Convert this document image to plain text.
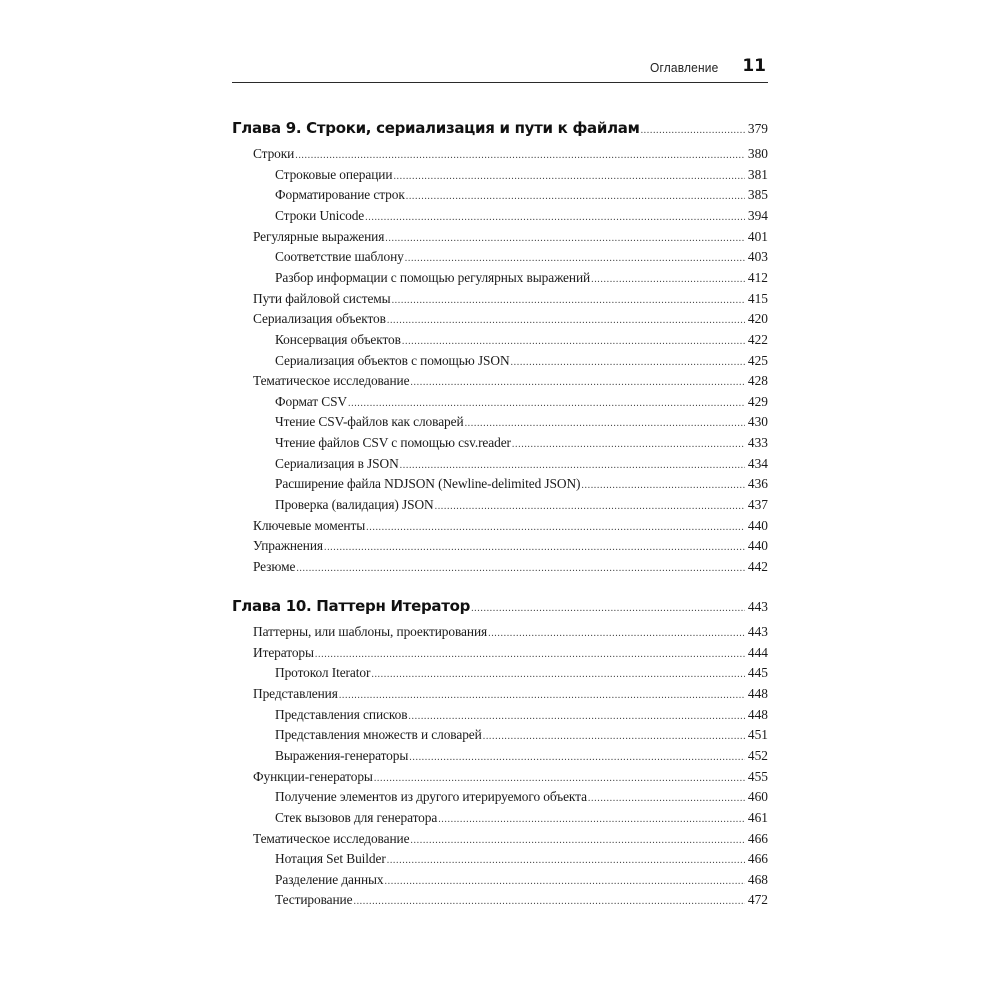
Оглавление 11
Глава 9. Строки, сериализация и пути к файлам .....	379
Строки .....	380
Строковые операции .....	381
Форматирование строк .....	385
Строки Unicode .....	394
Регулярные выражения .....	401
Соответствие шаблону .....	403
Разбор информации с помощью регулярных выражений .....	412
Пути файловой системы .....	415
Сериализация объектов .....	420
Консервация объектов .....	422
Сериализация объектов с помощью JSON .....	425
Тематическое исследование .....	428
Формат CSV .....	429
Чтение CSV-файлов как словарей .....	430
Чтение файлов CSV с помощью csv.reader .....	433
Сериализация в JSON .....	434
Расширение файла NDJSON (Newline-delimited JSON) .....	436
Проверка (валидация) JSON .....	437
Ключевые моменты .....	440
Упражнения .....	440
Резюме .....	442
Глава 10. Паттерн Итератор .....	443
Паттерны, или шаблоны, проектирования .....	443
Итераторы .....	444
Протокол Iterator .....	445
Представления .....	448
Представления списков .....	448
Представления множеств и словарей .....	451
Выражения-генераторы .....	452
Функции-генераторы .....	455
Получение элементов из другого итерируемого объекта .....	460
Стек вызовов для генератора .....	461
Тематическое исследование .....	466
Нотация Set Builder .....	466
Разделение данных .....	468
Тестирование .....	472
